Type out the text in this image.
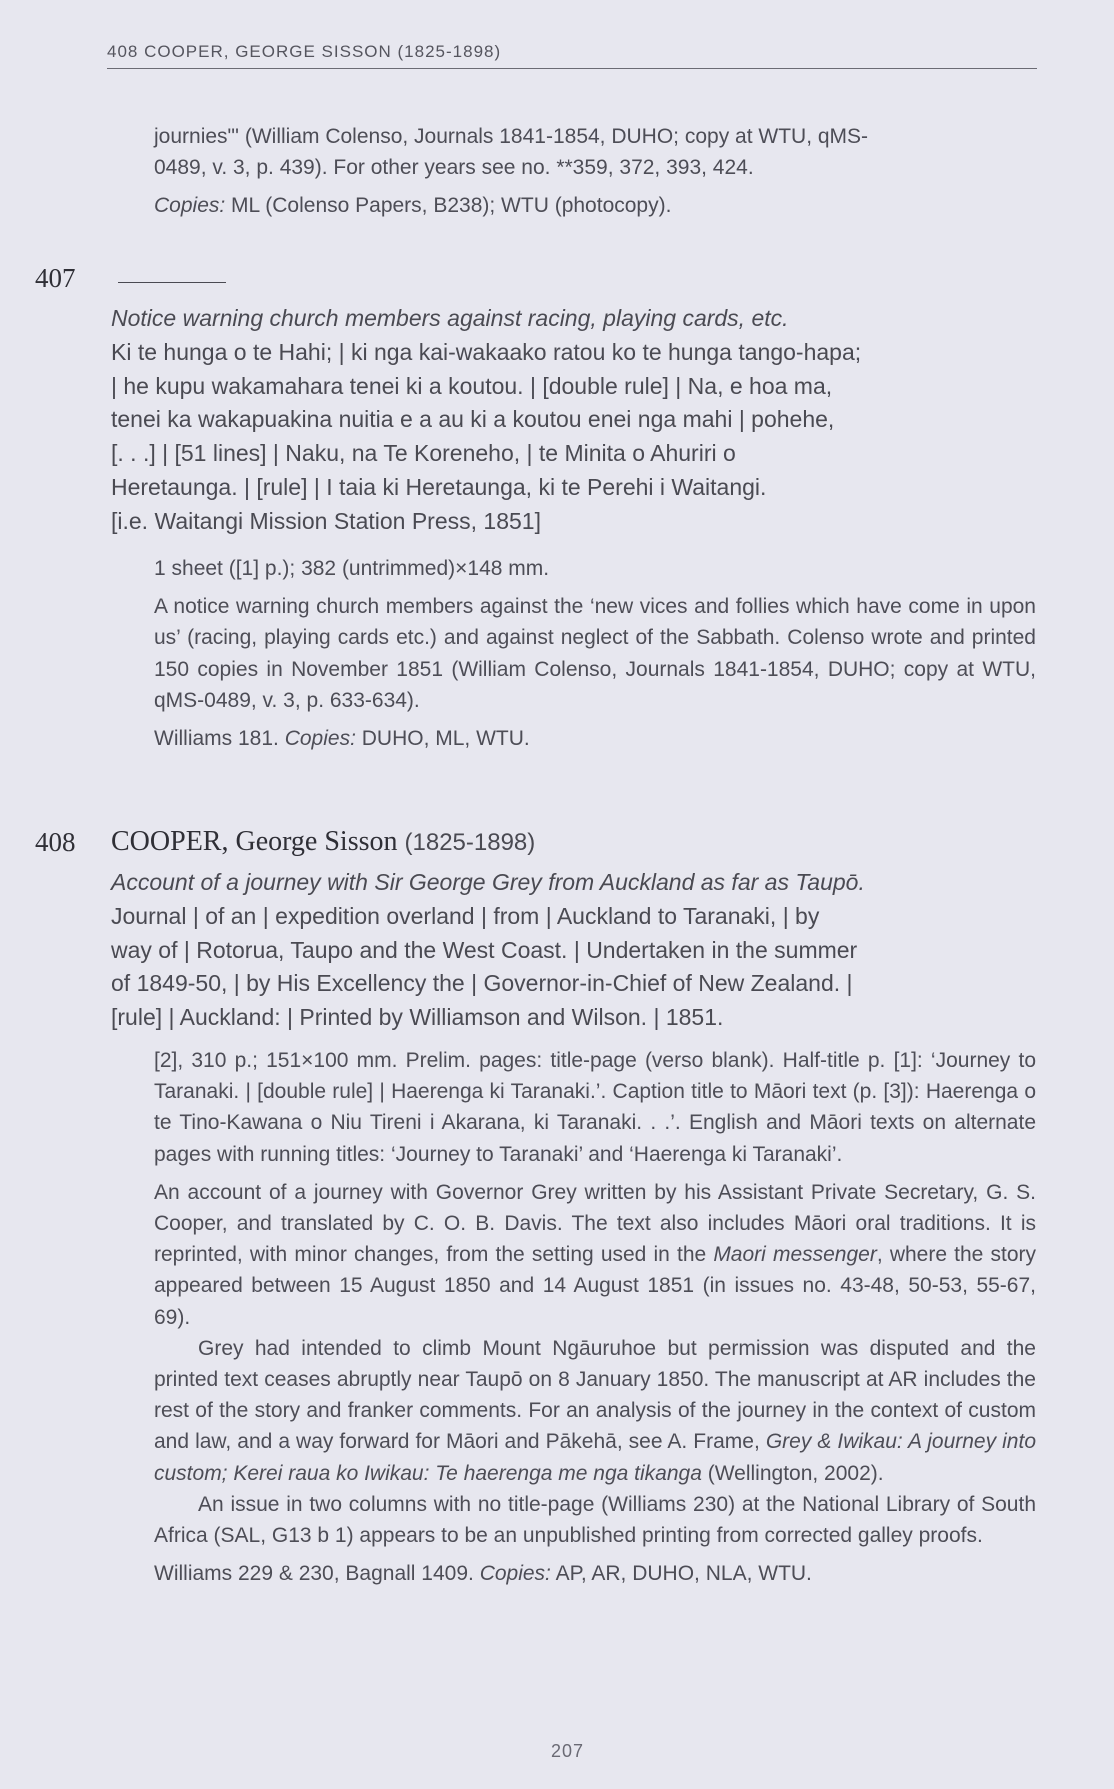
408 COOPER, GEORGE SISSON (1825-1898)

journies"' (William Colenso, Journals 1841-1854, DUHO; copy at WTU, qMS-

0489, v. 3, p. 439). For other years see no. **359, 372, 393, 424.

Copies: ML (Colenso Papers, B238); WTU (photocopy).

407

Notice warning church members against racing, playing cards, etc.

Ki te hunga o te Hahi; | ki nga kai-wakaako ratou ko te hunga tango-hapa;

| he kupu wakamahara tenei ki a koutou. | [double rule] | Na, e hoa ma,

tenei ka wakapuakina nuitia e a au ki a koutou enei nga mahi | pohehe,

[. . .] | [51 lines] | Naku, na Te Koreneho, | te Minita o Ahuriri o

Heretaunga. | [rule] | I taia ki Heretaunga, ki te Perehi i Waitangi.

[i.e. Waitangi Mission Station Press, 1851]

1 sheet ([1] p.); 382 (untrimmed)×148 mm.

A notice warning church members against the ‘new vices and follies which have come in upon us’ (racing, playing cards etc.) and against neglect of the Sabbath. Colenso wrote and printed 150 copies in November 1851 (William Colenso, Journals 1841-1854, DUHO; copy at WTU, qMS-0489, v. 3, p. 633-634).

Williams 181. Copies: DUHO, ML, WTU.

408 COOPER, George Sisson (1825-1898)

Account of a journey with Sir George Grey from Auckland as far as Taupō.

Journal | of an | expedition overland | from | Auckland to Taranaki, | by

way of | Rotorua, Taupo and the West Coast. | Undertaken in the summer

of 1849-50, | by His Excellency the | Governor-in-Chief of New Zealand. |

[rule] | Auckland: | Printed by Williamson and Wilson. | 1851.

[2], 310 p.; 151×100 mm. Prelim. pages: title-page (verso blank). Half-title p. [1]: ‘Journey to Taranaki. | [double rule] | Haerenga ki Taranaki.’. Caption title to Māori text (p. [3]): Haerenga o te Tino-Kawana o Niu Tireni i Akarana, ki Taranaki. . .’. English and Māori texts on alternate pages with running titles: ‘Journey to Taranaki’ and ‘Haerenga ki Taranaki’.

An account of a journey with Governor Grey written by his Assistant Private Secretary, G. S. Cooper, and translated by C. O. B. Davis. The text also includes Māori oral traditions. It is reprinted, with minor changes, from the setting used in the Maori messenger, where the story appeared between 15 August 1850 and 14 August 1851 (in issues no. 43-48, 50-53, 55-67, 69).

Grey had intended to climb Mount Ngāuruhoe but permission was disputed and the printed text ceases abruptly near Taupō on 8 January 1850. The manuscript at AR includes the rest of the story and franker comments. For an analysis of the journey in the context of custom and law, and a way forward for Māori and Pākehā, see A. Frame, Grey & Iwikau: A journey into custom; Kerei raua ko Iwikau: Te haerenga me nga tikanga (Wellington, 2002).

An issue in two columns with no title-page (Williams 230) at the National Library of South Africa (SAL, G13 b 1) appears to be an unpublished printing from corrected galley proofs.

Williams 229 & 230, Bagnall 1409. Copies: AP, AR, DUHO, NLA, WTU.

207
